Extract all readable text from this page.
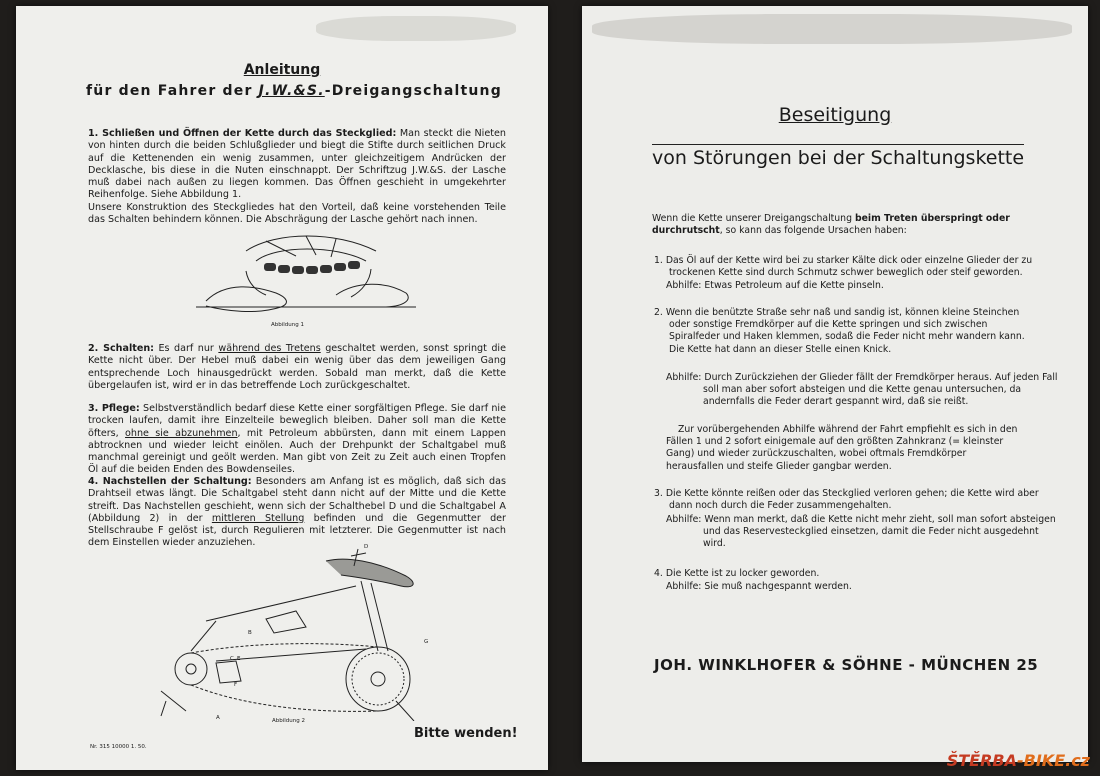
Anleitung
für den Fahrer der J.W.&S.-Dreigangschaltung
1. Schließen und Öffnen der Kette durch das Steckglied: Man steckt die Nieten von hinten durch die beiden Schlußglieder und biegt die Stifte durch seitlichen Druck auf die Kettenenden ein wenig zusammen, unter gleichzeitigem Andrücken der Decklasche, bis diese in die Nuten einschnappt. Der Schriftzug J.W.&S. der Lasche muß dabei nach außen zu liegen kommen. Das Öffnen geschieht in umgekehrter Reihenfolge. Siehe Abbildung 1.
Unsere Konstruktion des Steckgliedes hat den Vorteil, daß keine vorstehenden Teile das Schalten behindern können. Die Abschrägung der Lasche gehört nach innen.
Abbildung 1
2. Schalten: Es darf nur während des Tretens geschaltet werden, sonst springt die Kette nicht über. Der Hebel muß dabei ein wenig über das dem jeweiligen Gang entsprechende Loch hinausgedrückt werden. Sobald man merkt, daß die Kette übergelaufen ist, wird er in das betreffende Loch zurückgeschaltet.
3. Pflege: Selbstverständlich bedarf diese Kette einer sorgfältigen Pflege. Sie darf nie trocken laufen, damit ihre Einzelteile beweglich bleiben. Daher soll man die Kette öfters, ohne sie abzunehmen, mit Petroleum abbürsten, dann mit einem Lappen abtrocknen und wieder leicht einölen. Auch der Drehpunkt der Schaltgabel muß manchmal gereinigt und geölt werden. Man gibt von Zeit zu Zeit auch einen Tropfen Öl auf die beiden Enden des Bowdenseiles.
4. Nachstellen der Schaltung: Besonders am Anfang ist es möglich, daß sich das Drahtseil etwas längt. Die Schaltgabel steht dann nicht auf der Mitte und die Kette streift. Das Nachstellen geschieht, wenn sich der Schalthebel D und die Schaltgabel A (Abbildung 2) in der mittleren Stellung befinden und die Gegenmutter der Stellschraube F gelöst ist, durch Regulieren mit letzterer. Die Gegenmutter ist nach dem Einstellen wieder anzuziehen.	D
B
G
C E
F
A	Abbildung 2
Nr. 315 10000 1. 50.
Bitte wenden!
Beseitigung
von Störungen bei der Schaltungskette
Wenn die Kette unserer Dreigangschaltung beim Treten überspringt oder durchrutscht, so kann das folgende Ursachen haben:
1. Das Öl auf der Kette wird bei zu starker Kälte dick oder einzelne Glieder der zu trockenen Kette sind durch Schmutz schwer beweglich oder steif geworden.
Abhilfe: Etwas Petroleum auf die Kette pinseln.
2. Wenn die benützte Straße sehr naß und sandig ist, können kleine Steinchen oder sonstige Fremdkörper auf die Kette springen und sich zwischen Spiralfeder und Haken klemmen, sodaß die Feder nicht mehr wandern kann. Die Kette hat dann an dieser Stelle einen Knick.
Abhilfe: Durch Zurückziehen der Glieder fällt der Fremdkörper heraus. Auf jeden Fall soll man aber sofort absteigen und die Kette genau untersuchen, da andernfalls die Feder derart gespannt wird, daß sie reißt.
Zur vorübergehenden Abhilfe während der Fahrt empfiehlt es sich in den Fällen 1 und 2 sofort einigemale auf den größten Zahnkranz (= kleinster Gang) und wieder zurückzuschalten, wobei oftmals Fremdkörper herausfallen und steife Glieder gangbar werden.
3. Die Kette könnte reißen oder das Steckglied verloren gehen; die Kette wird aber dann noch durch die Feder zusammengehalten.
Abhilfe: Wenn man merkt, daß die Kette nicht mehr zieht, soll man sofort absteigen und das Reservesteckglied einsetzen, damit die Feder nicht ausgedehnt wird.
4. Die Kette ist zu locker geworden.
Abhilfe: Sie muß nachgespannt werden.
JOH. WINKLHOFER & SÖHNE - MÜNCHEN 25
ŠTĚRBA-BIKE.cz
